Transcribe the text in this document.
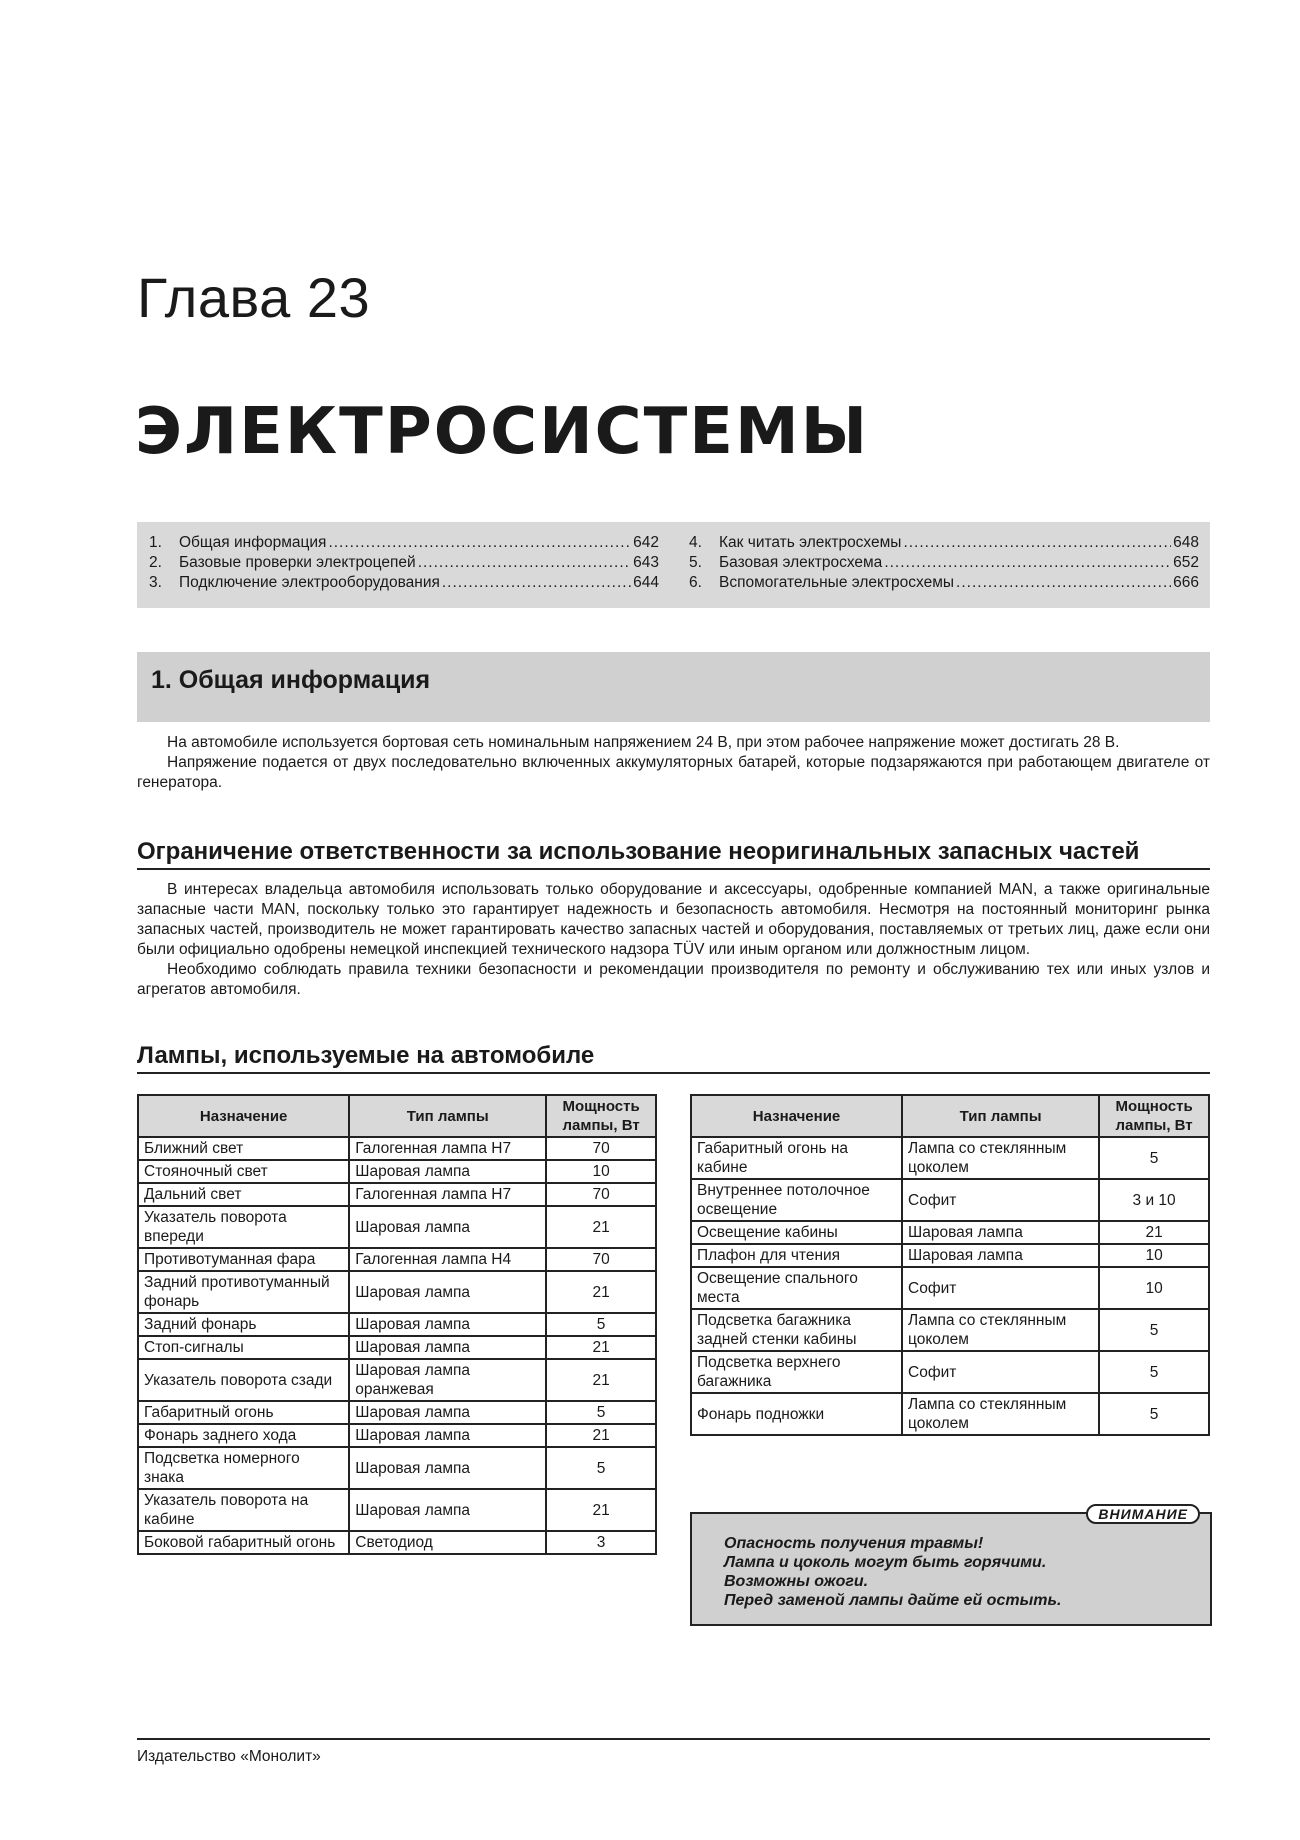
Глава 23
ЭЛЕКТРОСИСТЕМЫ
1.	Общая информация .....	642
2.	Базовые проверки электроцепей .....	643
3.	Подключение электрооборудования .....	644
4.	Как читать электросхемы .....	648
5.	Базовая электросхема .....	652
6.	Вспомогательные электросхемы .....	666
1. Общая информация

На автомобиле используется бортовая сеть номинальным напряжением 24 В, при этом рабочее напряжение может достигать 28 В.

Напряжение подается от двух последовательно включенных аккумуляторных батарей, которые подзаряжаются при работающем двигателе от генератора.

Ограничение ответственности за использование неоригинальных запасных частей

В интересах владельца автомобиля использовать только оборудование и аксессуары, одобренные компанией MAN, а также оригинальные запасные части MAN, поскольку только это гарантирует надежность и безопасность автомобиля. Несмотря на постоянный мониторинг рынка запасных частей, производитель не может гарантировать качество запасных частей и оборудования, поставляемых от третьих лиц, даже если они были официально одобрены немецкой инспекцией технического надзора TÜV или иным органом или должностным лицом.

Необходимо соблюдать правила техники безопасности и рекомендации производителя по ремонту и обслуживанию тех или иных узлов и агрегатов автомобиля.

Лампы, используемые на автомобиле
Назначение	Тип лампы	Мощность лампы, Вт
Ближний свет	Галогенная лампа H7	70
Стояночный свет	Шаровая лампа	10
Дальний свет	Галогенная лампа H7	70
Указатель поворота впереди	Шаровая лампа	21
Противотуманная фара	Галогенная лампа H4	70
Задний противотуманный фонарь	Шаровая лампа	21
Задний фонарь	Шаровая лампа	5
Стоп-сигналы	Шаровая лампа	21
Указатель поворота сзади	Шаровая лампа оранжевая	21
Габаритный огонь	Шаровая лампа	5
Фонарь заднего хода	Шаровая лампа	21
Подсветка номерного знака	Шаровая лампа	5
Указатель поворота на кабине	Шаровая лампа	21
Боковой габаритный огонь	Светодиод	3
Назначение	Тип лампы	Мощность лампы, Вт
Габаритный огонь на кабине	Лампа со стеклянным цоколем	5
Внутреннее потолочное освещение	Софит	3 и 10
Освещение кабины	Шаровая лампа	21
Плафон для чтения	Шаровая лампа	10
Освещение спального места	Софит	10
Подсветка багажника задней стенки кабины	Лампа со стеклянным цоколем	5
Подсветка верхнего багажника	Софит	5
Фонарь подножки	Лампа со стеклянным цоколем	5
ВНИМАНИЕ
Опасность получения травмы!
Лампа и цоколь могут быть горячими.
Возможны ожоги.
Перед заменой лампы дайте ей остыть.
Издательство «Монолит»
